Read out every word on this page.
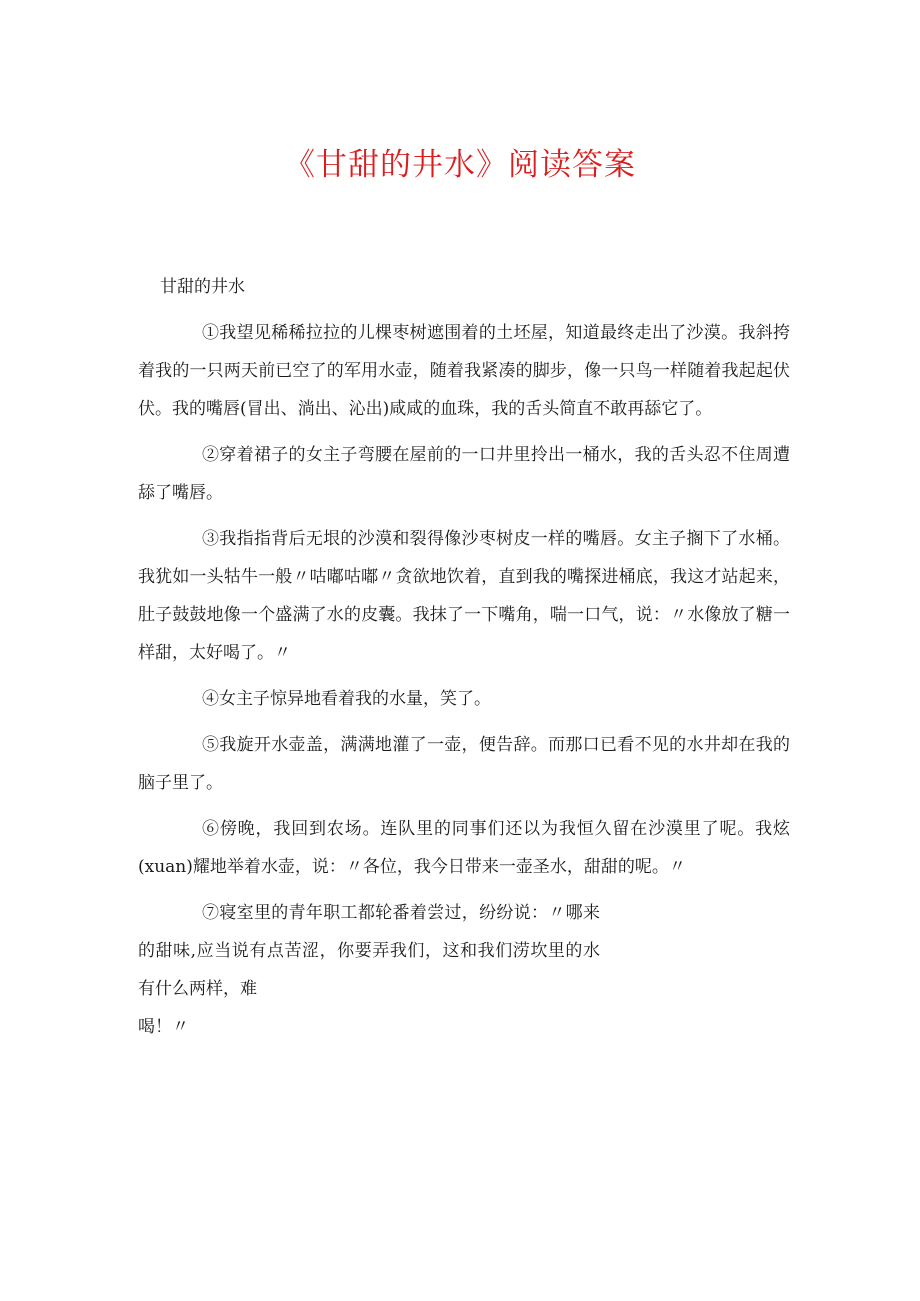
《甘甜的井水》阅读答案

甘甜的井水

①我望见稀稀拉拉的儿棵枣树遮围着的土坯屋，知道最终走出了沙漠。我斜挎着我的一只两天前已空了的军用水壶，随着我紧凑的脚步，像一只鸟一样随着我起起伏伏。我的嘴唇(冒出、淌出、沁出)咸咸的血珠，我的舌头简直不敢再舔它了。

②穿着裙子的女主子弯腰在屋前的一口井里拎出一桶水，我的舌头忍不住周遭舔了嘴唇。

③我指指背后无垠的沙漠和裂得像沙枣树皮一样的嘴唇。女主子搁下了水桶。我犹如一头牯牛一般〃咕嘟咕嘟〃贪欲地饮着，直到我的嘴探进桶底，我这才站起来，肚子鼓鼓地像一个盛满了水的皮囊。我抹了一下嘴角，喘一口气，说：〃水像放了糖一样甜，太好喝了。〃

④女主子惊异地看着我的水量，笑了。

⑤我旋开水壶盖，满满地灌了一壶，便告辞。而那口已看不见的水井却在我的脑子里了。

⑥傍晚，我回到农场。连队里的同事们还以为我恒久留在沙漠里了呢。我炫(xuan)耀地举着水壶，说：〃各位，我今日带来一壶圣水，甜甜的呢。〃

⑦寝室里的青年职工都轮番着尝过，纷纷说：〃哪来的甜味,应当说有点苦涩，你要弄我们，这和我们涝坎里的水有什么两样，难
喝！〃
